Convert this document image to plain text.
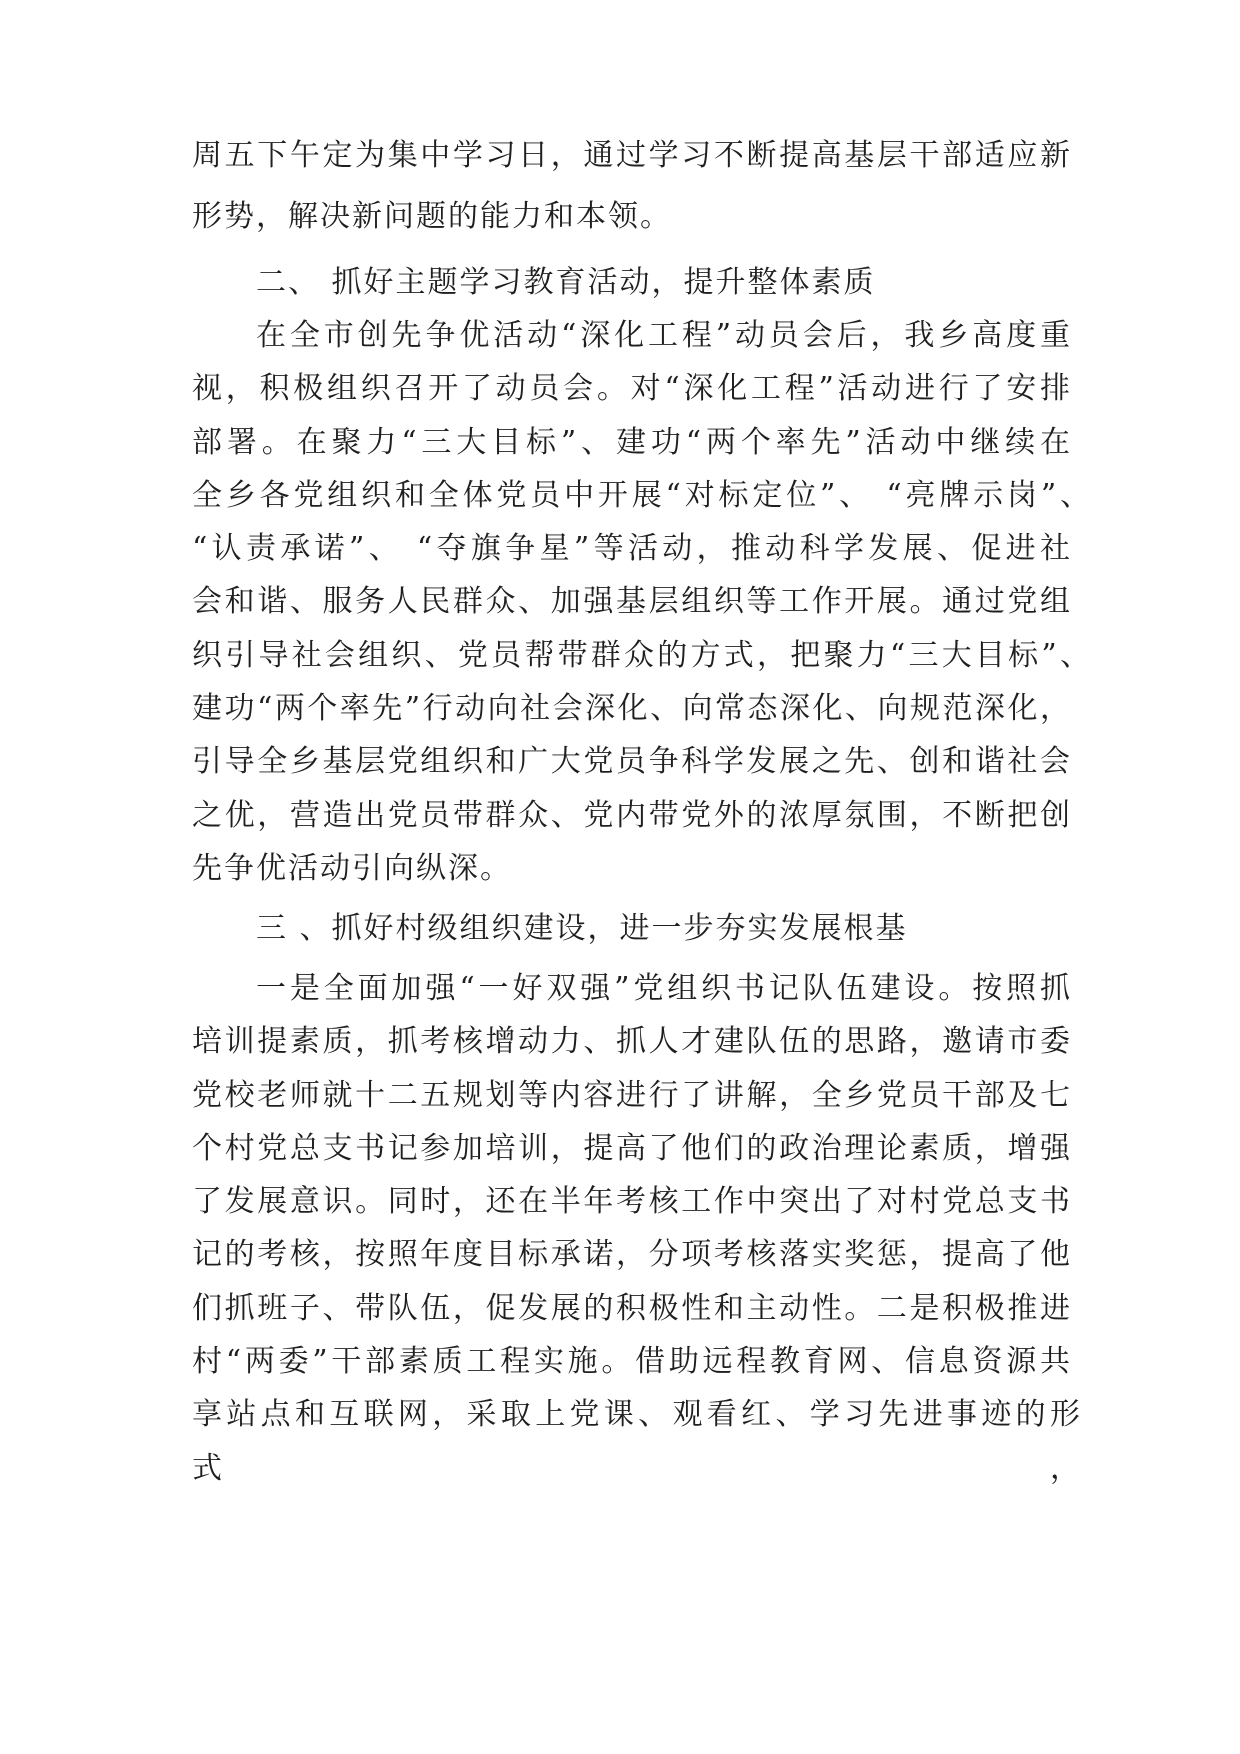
周五下午定为集中学习日，通过学习不断提高基层干部适应新
形势，解决新问题的能力和本领。
二、 抓好主题学习教育活动，提升整体素质
在全市创先争优活动“深化工程”动员会后，我乡高度重
视，积极组织召开了动员会。对“深化工程”活动进行了安排
部署。在聚力“三大目标”、建功“两个率先”活动中继续在
全乡各党组织和全体党员中开展“对标定位”、 “亮牌示岗”、
“认责承诺”、 “夺旗争星”等活动，推动科学发展、促进社
会和谐、服务人民群众、加强基层组织等工作开展。通过党组
织引导社会组织、党员帮带群众的方式，把聚力“三大目标”、
建功“两个率先”行动向社会深化、向常态深化、向规范深化，
引导全乡基层党组织和广大党员争科学发展之先、创和谐社会
之优，营造出党员带群众、党内带党外的浓厚氛围，不断把创
先争优活动引向纵深。
三 、抓好村级组织建设，进一步夯实发展根基
一是全面加强“一好双强”党组织书记队伍建设。按照抓
培训提素质，抓考核增动力、抓人才建队伍的思路，邀请市委
党校老师就十二五规划等内容进行了讲解，全乡党员干部及七
个村党总支书记参加培训，提高了他们的政治理论素质，增强
了发展意识。同时，还在半年考核工作中突出了对村党总支书
记的考核，按照年度目标承诺，分项考核落实奖惩，提高了他
们抓班子、带队伍，促发展的积极性和主动性。二是积极推进
村“两委”干部素质工程实施。借助远程教育网、信息资源共
享站点和互联网，采取上党课、观看红、学习先进事迹的形式，
